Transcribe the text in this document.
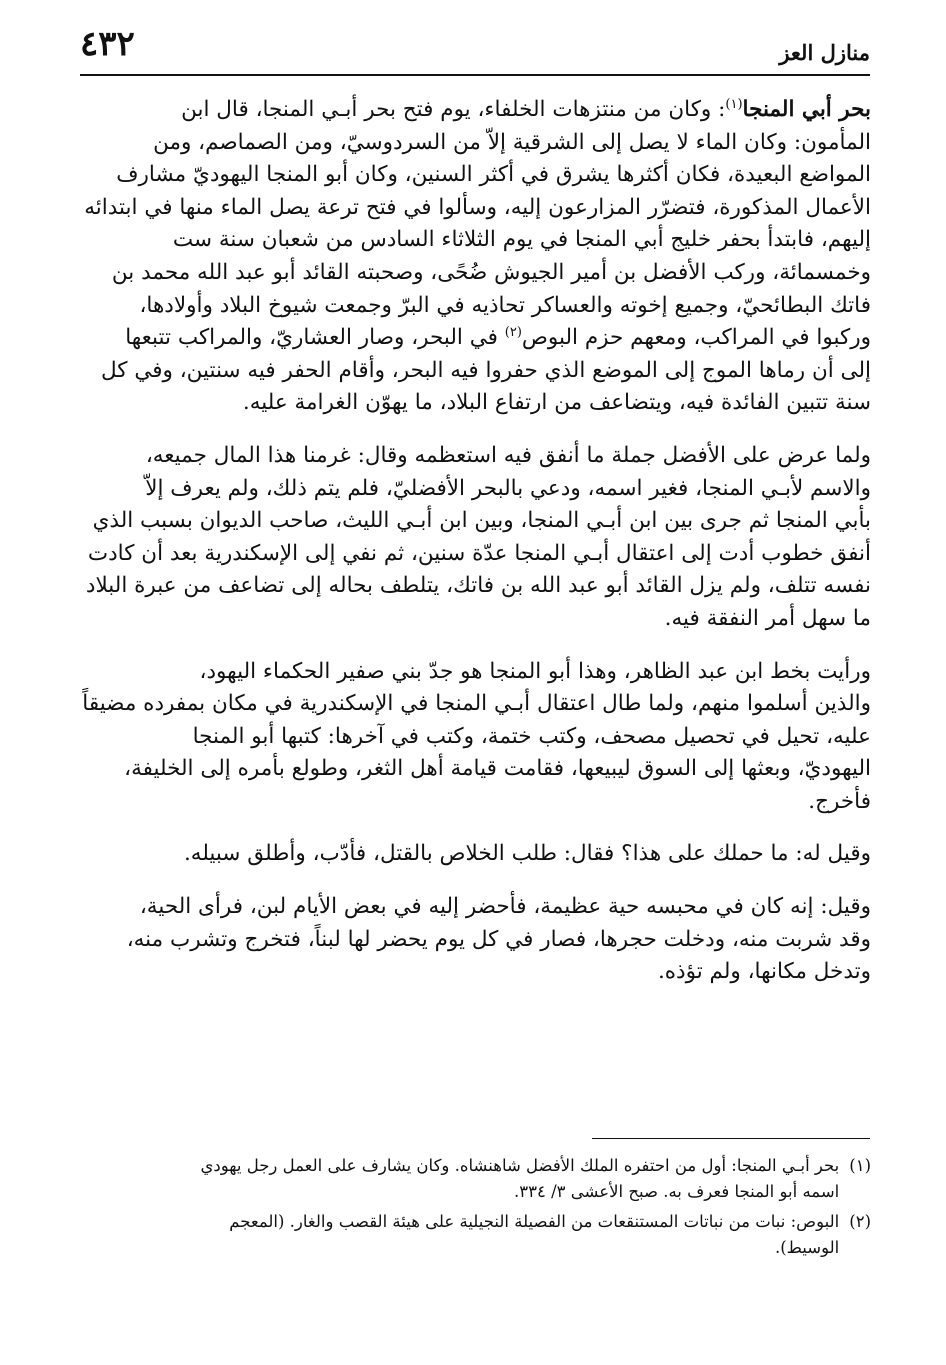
٤٣٢	منازل العز

بحر أبي المنجا$^{(١)}$: وكان من منتزهات الخلفاء، يوم فتح بحر أبـي المنجا، قال ابن
المأمون: وكان الماء لا يصل إلى الشرقية إلاّ من السردوسيّ، ومن الصماصم، ومن
المواضع البعيدة، فكان أكثرها يشرق في أكثر السنين، وكان أبو المنجا اليهوديّ مشارف
الأعمال المذكورة، فتضرّر المزارعون إليه، وسألوا في فتح ترعة يصل الماء منها في ابتدائه
إليهم، فابتدأ بحفر خليج أبي المنجا في يوم الثلاثاء السادس من شعبان سنة ست
وخمسمائة، وركب الأفضل بن أمير الجيوش ضُحًى، وصحبته القائد أبو عبد الله محمد بن
فاتك البطائحيّ، وجميع إخوته والعساكر تحاذيه في البرّ وجمعت شيوخ البلاد وأولادها،
وركبوا في المراكب، ومعهم حزم البوص$^{(٢)}$ في البحر، وصار العشاريّ، والمراكب تتبعها
إلى أن رماها الموج إلى الموضع الذي حفروا فيه البحر، وأقام الحفر فيه سنتين، وفي كل
سنة تتبين الفائدة فيه، ويتضاعف من ارتفاع البلاد، ما يهوّن الغرامة عليه.

ولما عرض على الأفضل جملة ما أنفق فيه استعظمه وقال: غرمنا هذا المال جميعه،
والاسم لأبـي المنجا، فغير اسمه، ودعي بالبحر الأفضليّ، فلم يتم ذلك، ولم يعرف إلاّ
بأبي المنجا ثم جرى بين ابن أبـي المنجا، وبين ابن أبـي الليث، صاحب الديوان بسبب الذي
أنفق خطوب أدت إلى اعتقال أبـي المنجا عدّة سنين، ثم نفي إلى الإسكندرية بعد أن كادت
نفسه تتلف، ولم يزل القائد أبو عبد الله بن فاتك، يتلطف بحاله إلى تضاعف من عبرة البلاد
ما سهل أمر النفقة فيه.

ورأيت بخط ابن عبد الظاهر، وهذا أبو المنجا هو جدّ بني صفير الحكماء اليهود،
والذين أسلموا منهم، ولما طال اعتقال أبـي المنجا في الإسكندرية في مكان بمفرده مضيقاً
عليه، تحيل في تحصيل مصحف، وكتب ختمة، وكتب في آخرها: كتبها أبو المنجا
اليهوديّ، وبعثها إلى السوق ليبيعها، فقامت قيامة أهل الثغر، وطولع بأمره إلى الخليفة،
فأخرج.

وقيل له: ما حملك على هذا؟ فقال: طلب الخلاص بالقتل، فأدّب، وأطلق سبيله.

وقيل: إنه كان في محبسه حية عظيمة، فأحضر إليه في بعض الأيام لبن، فرأى الحية،
وقد شربت منه، ودخلت حجرها، فصار في كل يوم يحضر لها لبناً، فتخرج وتشرب منه،
وتدخل مكانها، ولم تؤذه.

(١)
بحر أبـي المنجا: أول من احتفره الملك الأفضل شاهنشاه. وكان يشارف على العمل رجل يهودي
اسمه أبو المنجا فعرف به. صبح الأعشى ٣/ ٣٣٤.
(٢)
البوص: نبات من نباتات المستنقعات من الفصيلة النجيلية على هيئة القصب والغار. (المعجم
الوسيط).
